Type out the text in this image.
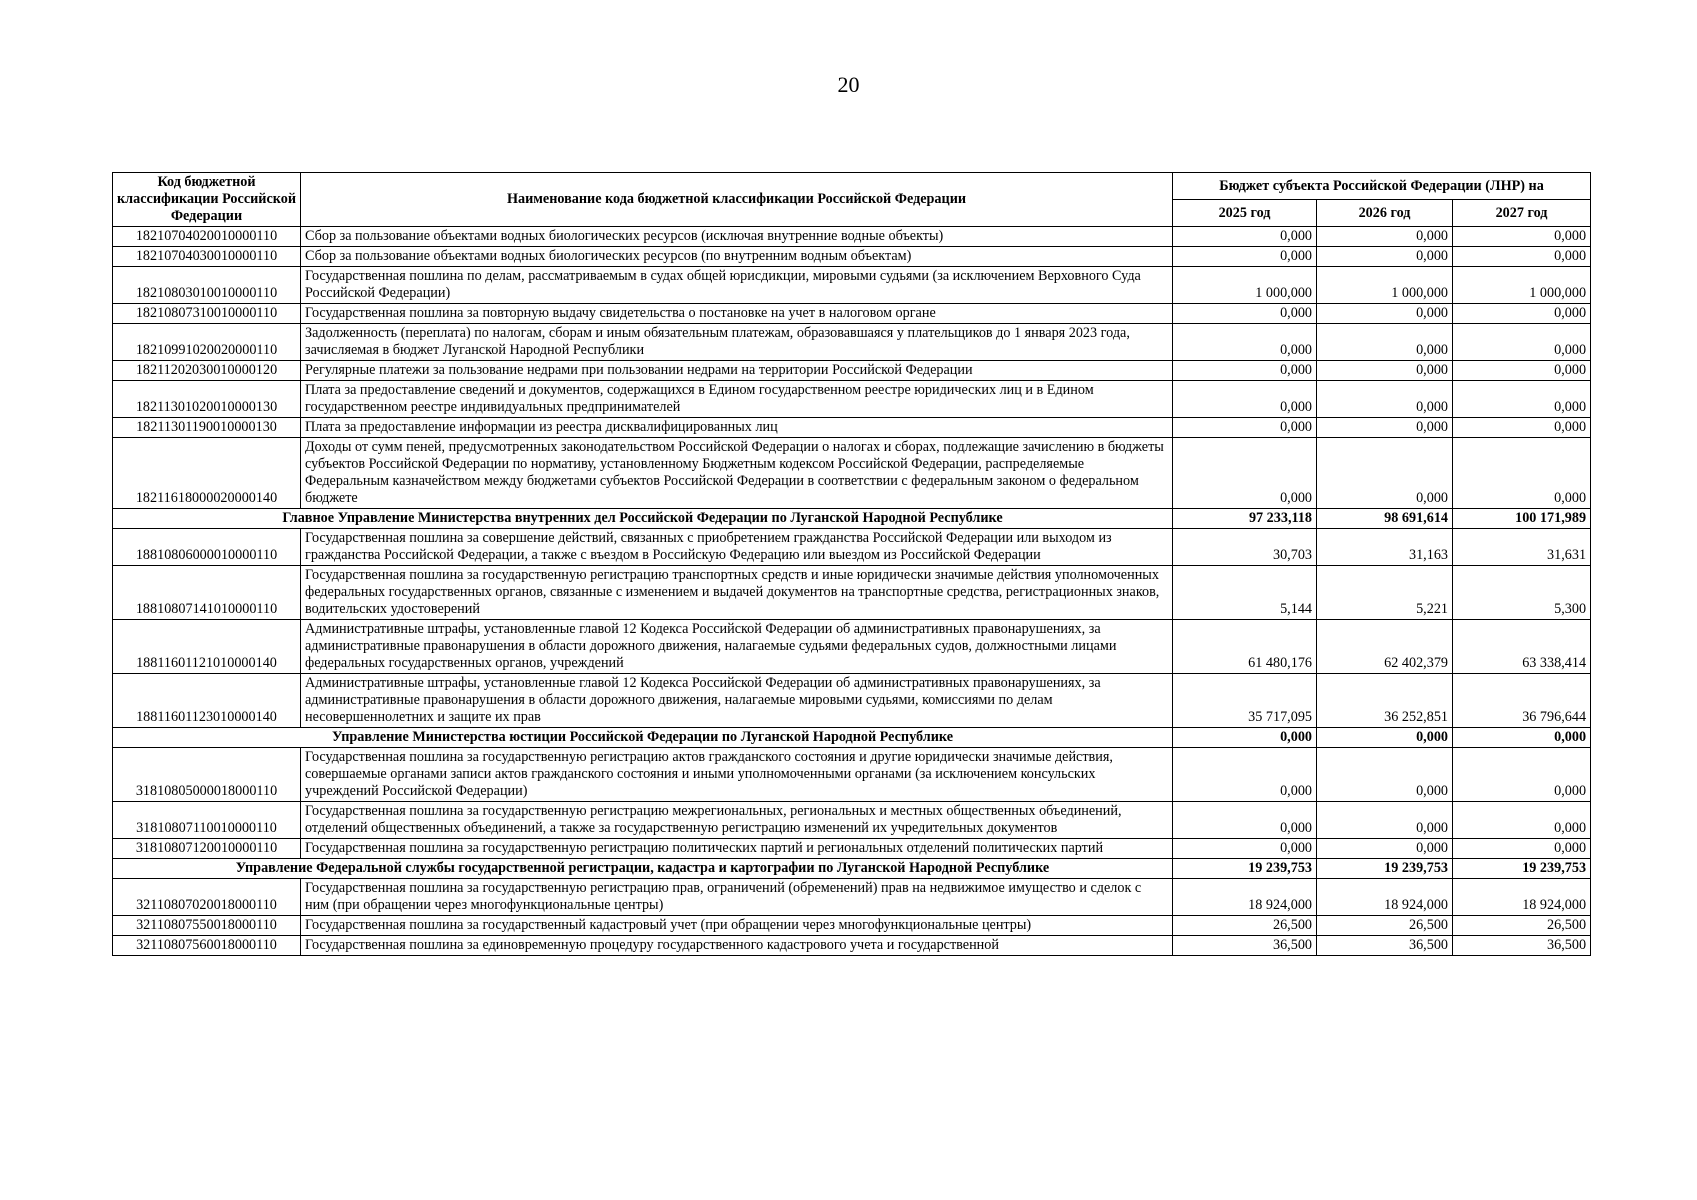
20
Код бюджетной классификации Российской Федерации	Наименование кода бюджетной классификации Российской Федерации	Бюджет субъекта Российской Федерации (ЛНР) на		
		2025 год	2026 год	2027 год
18210704020010000110	Сбор за пользование объектами водных биологических ресурсов (исключая внутренние водные объекты)	0,000	0,000	0,000
18210704030010000110	Сбор за пользование объектами водных биологических ресурсов (по внутренним водным объектам)	0,000	0,000	0,000
18210803010010000110	Государственная пошлина по делам, рассматриваемым в судах общей юрисдикции, мировыми судьями (за исключением Верховного Суда Российской Федерации)	1 000,000	1 000,000	1 000,000
18210807310010000110	Государственная пошлина за повторную выдачу свидетельства о постановке на учет в налоговом органе	0,000	0,000	0,000
18210991020020000110	Задолженность (переплата) по налогам, сборам и иным обязательным платежам, образовавшаяся у плательщиков до 1 января 2023 года, зачисляемая в бюджет Луганской Народной Республики	0,000	0,000	0,000
18211202030010000120	Регулярные платежи за пользование недрами при пользовании недрами на территории Российской Федерации	0,000	0,000	0,000
18211301020010000130	Плата за предоставление сведений и документов, содержащихся в Едином государственном реестре юридических лиц и в Едином государственном реестре индивидуальных предпринимателей	0,000	0,000	0,000
18211301190010000130	Плата за предоставление информации из реестра дисквалифицированных лиц	0,000	0,000	0,000
18211618000020000140	Доходы от сумм пеней, предусмотренных законодательством Российской Федерации о налогах и сборах, подлежащие зачислению в бюджеты субъектов Российской Федерации по нормативу, установленному Бюджетным кодексом Российской Федерации, распределяемые Федеральным казначейством между бюджетами субъектов Российской Федерации в соответствии с федеральным законом о федеральном бюджете	0,000	0,000	0,000
Главное Управление Министерства внутренних дел Российской Федерации по Луганской Народной Республике		97 233,118	98 691,614	100 171,989
18810806000010000110	Государственная пошлина за совершение действий, связанных с приобретением гражданства Российской Федерации или выходом из гражданства Российской Федерации, а также с въездом в Российскую Федерацию или выездом из Российской Федерации	30,703	31,163	31,631
18810807141010000110	Государственная пошлина за государственную регистрацию транспортных средств и иные юридически значимые действия уполномоченных федеральных государственных органов, связанные с изменением и выдачей документов на транспортные средства, регистрационных знаков, водительских удостоверений	5,144	5,221	5,300
18811601121010000140	Административные штрафы, установленные главой 12 Кодекса Российской Федерации об административных правонарушениях, за административные правонарушения в области дорожного движения, налагаемые судьями федеральных судов, должностными лицами федеральных государственных органов, учреждений	61 480,176	62 402,379	63 338,414
18811601123010000140	Административные штрафы, установленные главой 12 Кодекса Российской Федерации об административных правонарушениях, за административные правонарушения в области дорожного движения, налагаемые мировыми судьями, комиссиями по делам несовершеннолетних и защите их прав	35 717,095	36 252,851	36 796,644
Управление Министерства юстиции Российской Федерации по Луганской Народной Республике		0,000	0,000	0,000
31810805000018000110	Государственная пошлина за государственную регистрацию актов гражданского состояния и другие юридически значимые действия, совершаемые органами записи актов гражданского состояния и иными уполномоченными органами (за исключением консульских учреждений Российской Федерации)	0,000	0,000	0,000
31810807110010000110	Государственная пошлина за государственную регистрацию межрегиональных, региональных и местных общественных объединений, отделений общественных объединений, а также за государственную регистрацию изменений их учредительных документов	0,000	0,000	0,000
31810807120010000110	Государственная пошлина за государственную регистрацию политических партий и региональных отделений политических партий	0,000	0,000	0,000
Управление Федеральной службы государственной регистрации, кадастра и картографии по Луганской Народной Республике		19 239,753	19 239,753	19 239,753
32110807020018000110	Государственная пошлина за государственную регистрацию прав, ограничений (обременений) прав на недвижимое имущество и сделок с ним (при обращении через многофункциональные центры)	18 924,000	18 924,000	18 924,000
32110807550018000110	Государственная пошлина за государственный кадастровый учет (при обращении через многофункциональные центры)	26,500	26,500	26,500
32110807560018000110	Государственная пошлина за единовременную процедуру государственного кадастрового учета и государственной	36,500	36,500	36,500
